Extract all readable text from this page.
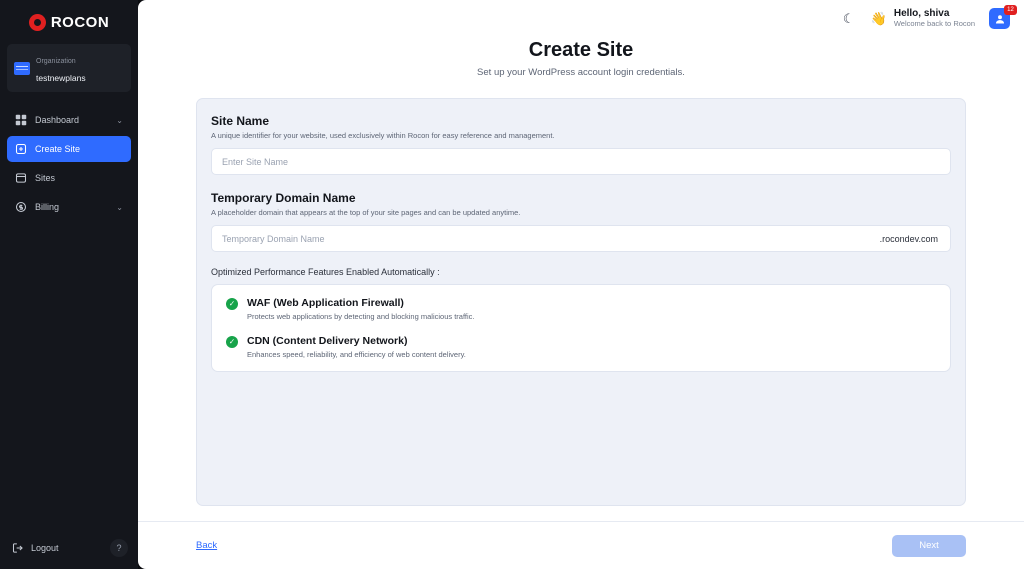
ROCON
Organization testnewplans
Dashboard	⌄
Create Site
Sites
Billing	⌄
Logout	?
☾ 👋 Hello, shiva
Welcome back to Rocon
12
Create Site
Set up your WordPress account login credentials.
Site Name
A unique identifier for your website, used exclusively within Rocon for easy reference and management.
Enter Site Name
Temporary Domain Name
A placeholder domain that appears at the top of your site pages and can be updated anytime.
Temporary Domain Name
.rocondev.com
Optimized Performance Features Enabled Automatically :
✓ WAF (Web Application Firewall)
Protects web applications by detecting and blocking malicious traffic.
✓ CDN (Content Delivery Network)
Enhances speed, reliability, and efficiency of web content delivery.
Back	Next
